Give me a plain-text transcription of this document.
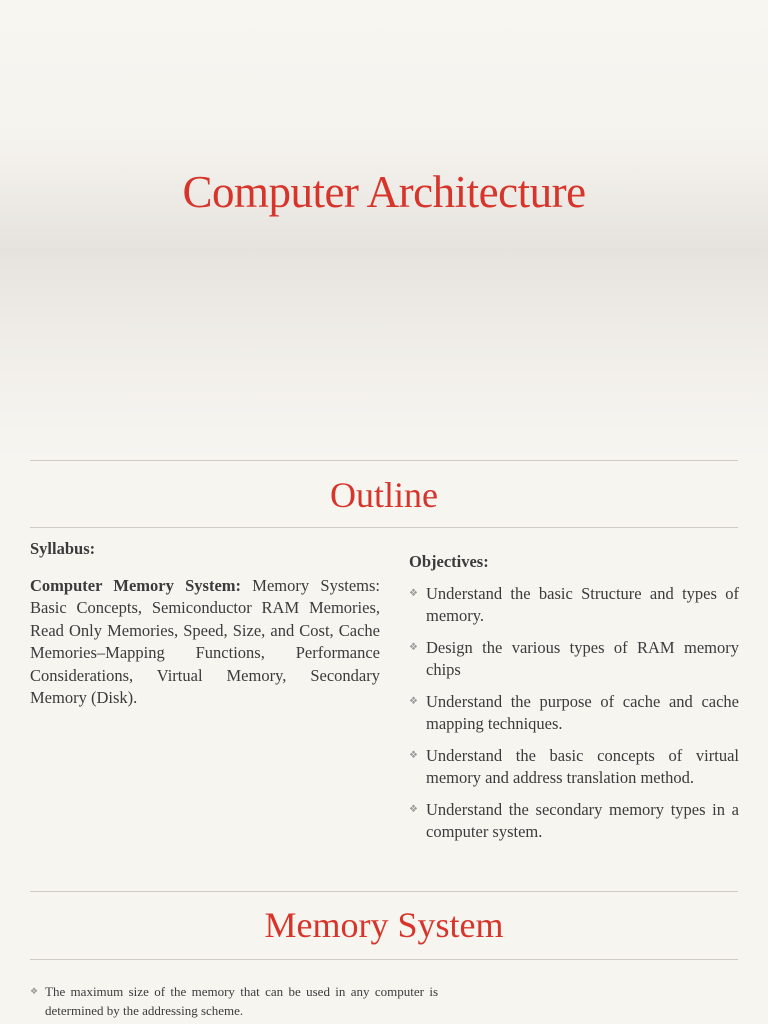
Computer Architecture
Outline
Syllabus:
Computer Memory System: Memory Systems: Basic Concepts, Semiconductor RAM Memories, Read Only Memories, Speed, Size, and Cost, Cache Memories–Mapping Functions, Performance Considerations, Virtual Memory, Secondary Memory (Disk).
Objectives:
❖ Understand the basic Structure and types of memory.
❖ Design the various types of RAM memory chips
❖ Understand the purpose of cache and cache mapping techniques.
❖ Understand the basic concepts of virtual memory and address translation method.
❖ Understand the secondary memory types in a computer system.
Memory System
❖ The maximum size of the memory that can be used in any computer is determined by the addressing scheme.
